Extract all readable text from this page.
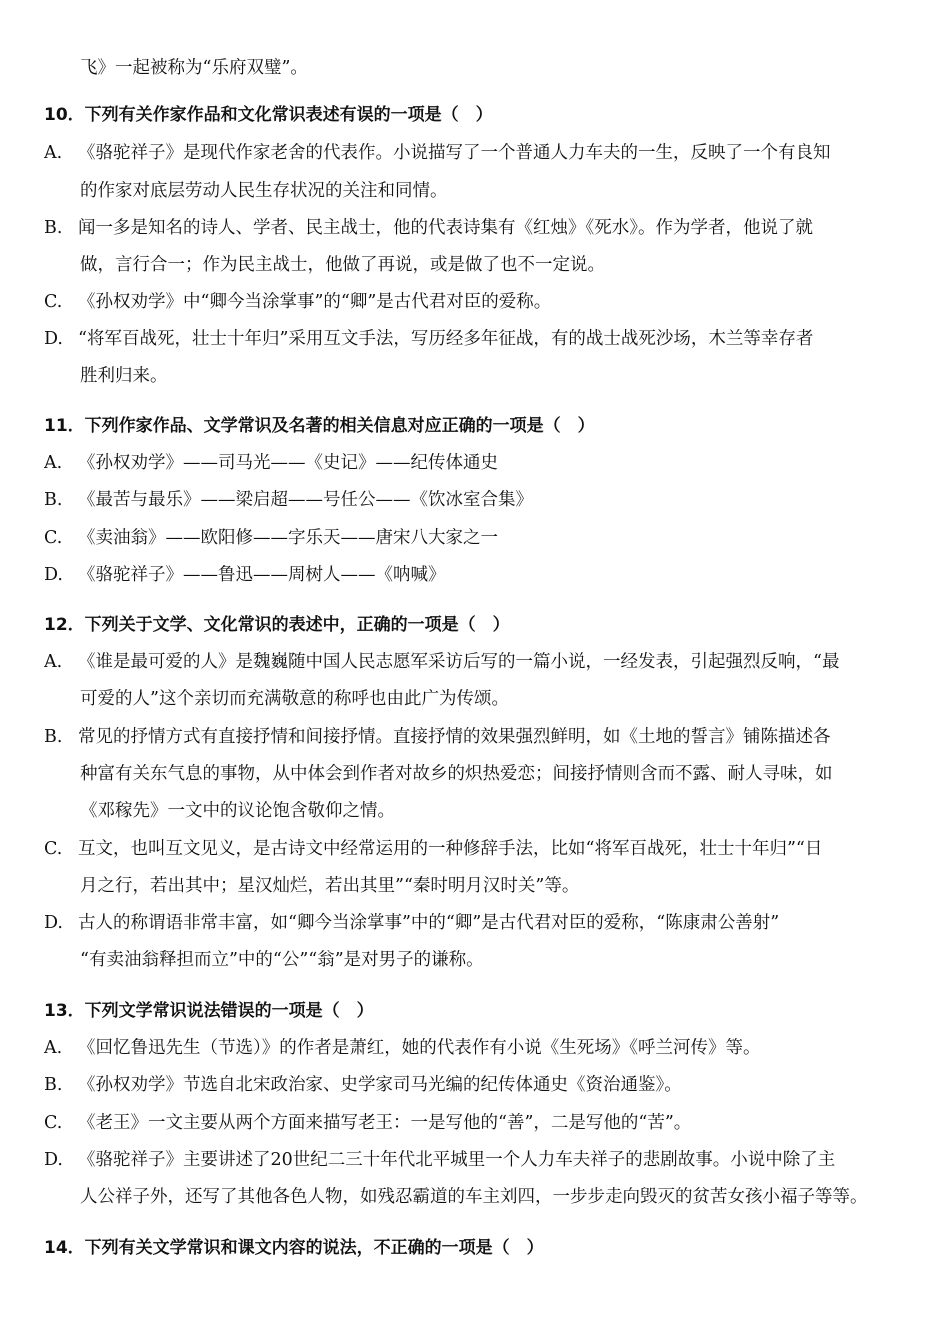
飞》一起被称为“乐府双璧”。
10．下列有关作家作品和文化常识表述有误的一项是（　）
A. 《骆驼祥子》是现代作家老舍的代表作。小说描写了一个普通人力车夫的一生，反映了一个有良知
的作家对底层劳动人民生存状况的关注和同情。
B. 闻一多是知名的诗人、学者、民主战士，他的代表诗集有《红烛》《死水》。作为学者，他说了就
做，言行合一；作为民主战士，他做了再说，或是做了也不一定说。
C. 《孙权劝学》中“卿今当涂掌事”的“卿”是古代君对臣的爱称。
D. “将军百战死，壮士十年归”采用互文手法，写历经多年征战，有的战士战死沙场，木兰等幸存者
胜利归来。
11．下列作家作品、文学常识及名著的相关信息对应正确的一项是（　）
A. 《孙权劝学》——司马光——《史记》——纪传体通史
B. 《最苦与最乐》——梁启超——号任公——《饮冰室合集》
C. 《卖油翁》——欧阳修——字乐天——唐宋八大家之一
D. 《骆驼祥子》——鲁迅——周树人——《呐喊》
12．下列关于文学、文化常识的表述中，正确的一项是（　）
A. 《谁是最可爱的人》是魏巍随中国人民志愿军采访后写的一篇小说，一经发表，引起强烈反响，“最
可爱的人”这个亲切而充满敬意的称呼也由此广为传颂。
B. 常见的抒情方式有直接抒情和间接抒情。直接抒情的效果强烈鲜明，如《土地的誓言》铺陈描述各
种富有关东气息的事物，从中体会到作者对故乡的炽热爱恋；间接抒情则含而不露、耐人寻味，如
《邓稼先》一文中的议论饱含敬仰之情。
C. 互文，也叫互文见义，是古诗文中经常运用的一种修辞手法，比如“将军百战死，壮士十年归”“日
月之行，若出其中；星汉灿烂，若出其里”“秦时明月汉时关”等。
D. 古人的称谓语非常丰富，如“卿今当涂掌事”中的“卿”是古代君对臣的爱称，“陈康肃公善射”
“有卖油翁释担而立”中的“公”“翁”是对男子的谦称。
13．下列文学常识说法错误的一项是（　）
A. 《回忆鲁迅先生（节选）》的作者是萧红，她的代表作有小说《生死场》《呼兰河传》等。
B. 《孙权劝学》节选自北宋政治家、史学家司马光编的纪传体通史《资治通鉴》。
C. 《老王》一文主要从两个方面来描写老王：一是写他的“善”，二是写他的“苦”。
D. 《骆驼祥子》主要讲述了20世纪二三十年代北平城里一个人力车夫祥子的悲剧故事。小说中除了主
人公祥子外，还写了其他各色人物，如残忍霸道的车主刘四，一步步走向毁灭的贫苦女孩小福子等等。
14．下列有关文学常识和课文内容的说法，不正确的一项是（　）
